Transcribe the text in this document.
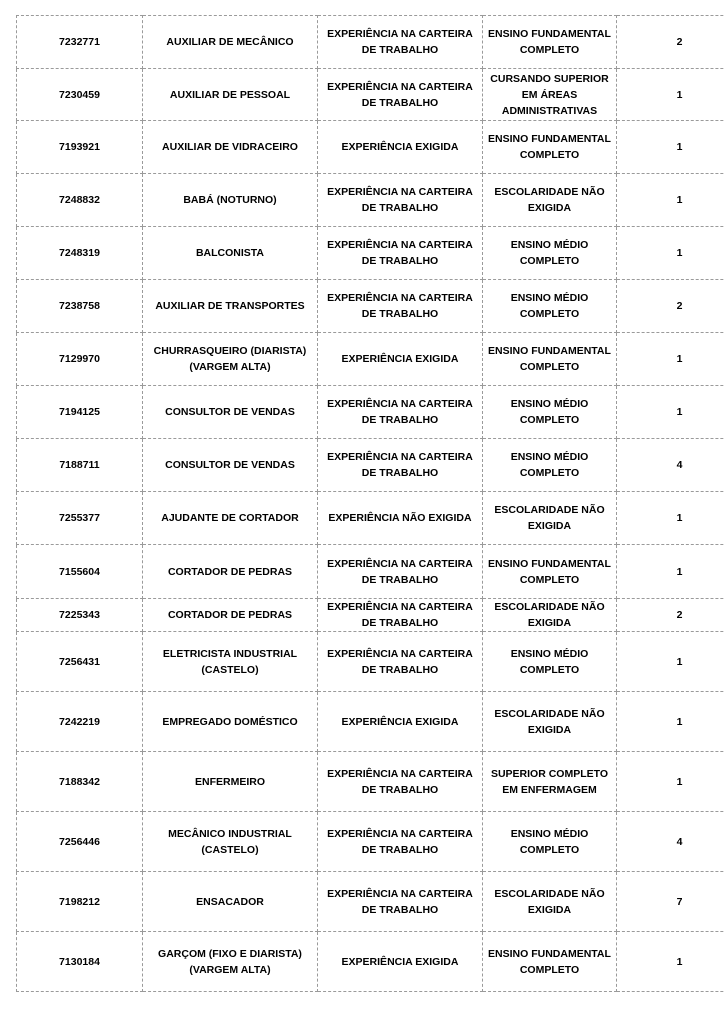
7232771	AUXILIAR DE MECÂNICO	EXPERIÊNCIA NA CARTEIRA DE TRABALHO	ENSINO FUNDAMENTAL COMPLETO	2
7230459	AUXILIAR DE PESSOAL	EXPERIÊNCIA NA CARTEIRA DE TRABALHO	CURSANDO SUPERIOR EM ÁREAS ADMINISTRATIVAS	1
7193921	AUXILIAR DE VIDRACEIRO	EXPERIÊNCIA EXIGIDA	ENSINO FUNDAMENTAL COMPLETO	1
7248832	BABÁ (NOTURNO)	EXPERIÊNCIA NA CARTEIRA DE TRABALHO	ESCOLARIDADE NÃO EXIGIDA	1
7248319	BALCONISTA	EXPERIÊNCIA NA CARTEIRA DE TRABALHO	ENSINO MÉDIO COMPLETO	1
7238758	AUXILIAR DE TRANSPORTES	EXPERIÊNCIA NA CARTEIRA DE TRABALHO	ENSINO MÉDIO COMPLETO	2
7129970	CHURRASQUEIRO (DIARISTA) (VARGEM ALTA)	EXPERIÊNCIA EXIGIDA	ENSINO FUNDAMENTAL COMPLETO	1
7194125	CONSULTOR DE VENDAS	EXPERIÊNCIA NA CARTEIRA DE TRABALHO	ENSINO MÉDIO COMPLETO	1
7188711	CONSULTOR DE VENDAS	EXPERIÊNCIA NA CARTEIRA DE TRABALHO	ENSINO MÉDIO COMPLETO	4
7255377	AJUDANTE DE CORTADOR	EXPERIÊNCIA NÃO EXIGIDA	ESCOLARIDADE NÃO EXIGIDA	1
7155604	CORTADOR DE PEDRAS	EXPERIÊNCIA NA CARTEIRA DE TRABALHO	ENSINO FUNDAMENTAL COMPLETO	1
7225343	CORTADOR DE PEDRAS	EXPERIÊNCIA NA CARTEIRA DE TRABALHO	ESCOLARIDADE NÃO EXIGIDA	2
7256431	ELETRICISTA INDUSTRIAL (CASTELO)	EXPERIÊNCIA NA CARTEIRA DE TRABALHO	ENSINO MÉDIO COMPLETO	1
7242219	EMPREGADO DOMÉSTICO	EXPERIÊNCIA EXIGIDA	ESCOLARIDADE NÃO EXIGIDA	1
7188342	ENFERMEIRO	EXPERIÊNCIA NA CARTEIRA DE TRABALHO	SUPERIOR COMPLETO EM ENFERMAGEM	1
7256446	MECÂNICO INDUSTRIAL (CASTELO)	EXPERIÊNCIA NA CARTEIRA DE TRABALHO	ENSINO MÉDIO COMPLETO	4
7198212	ENSACADOR	EXPERIÊNCIA NA CARTEIRA DE TRABALHO	ESCOLARIDADE NÃO EXIGIDA	7
7130184	GARÇOM (FIXO E DIARISTA) (VARGEM ALTA)	EXPERIÊNCIA EXIGIDA	ENSINO FUNDAMENTAL COMPLETO	1
